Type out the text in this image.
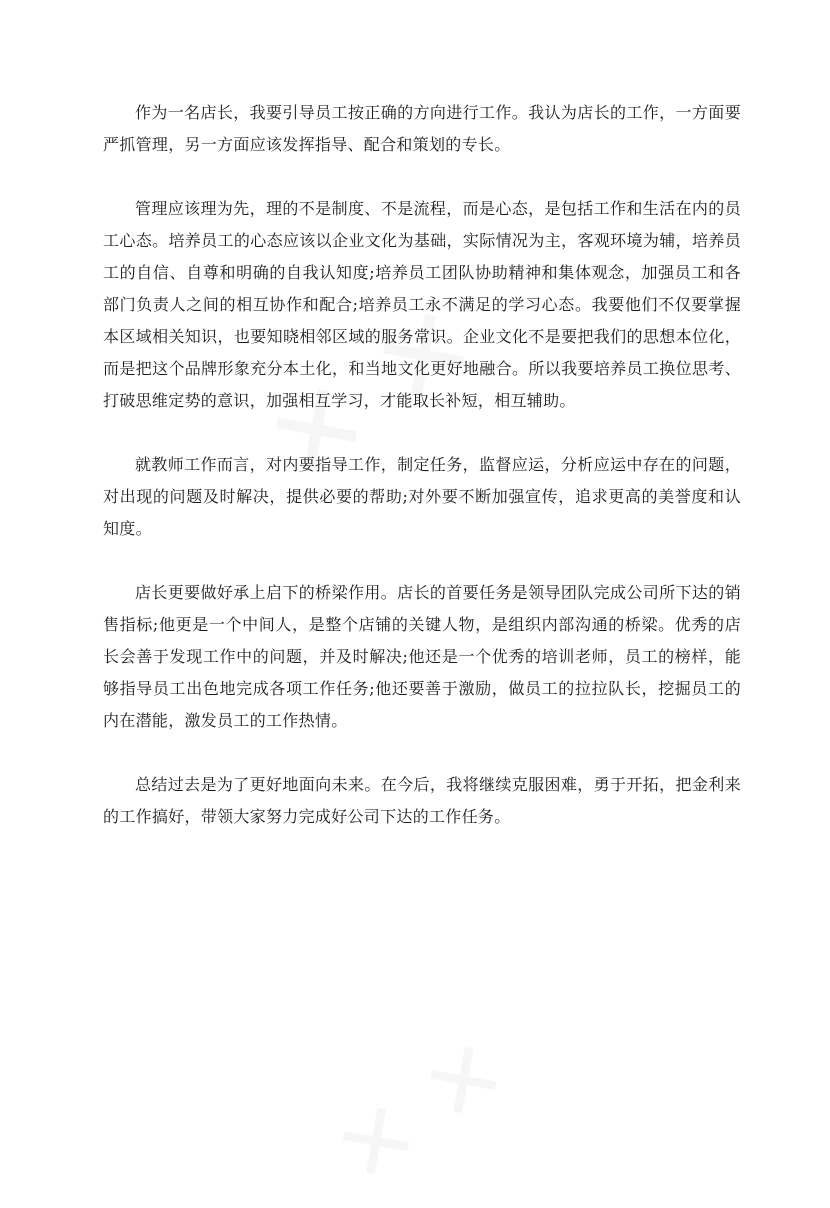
作为一名店长，我要引导员工按正确的方向进行工作。我认为店长的工作，一方面要严抓管理，另一方面应该发挥指导、配合和策划的专长。

管理应该理为先，理的不是制度、不是流程，而是心态，是包括工作和生活在内的员工心态。培养员工的心态应该以企业文化为基础，实际情况为主，客观环境为辅，培养员工的自信、自尊和明确的自我认知度;培养员工团队协助精神和集体观念，加强员工和各部门负责人之间的相互协作和配合;培养员工永不满足的学习心态。我要他们不仅要掌握本区域相关知识，也要知晓相邻区域的服务常识。企业文化不是要把我们的思想本位化，而是把这个品牌形象充分本土化，和当地文化更好地融合。所以我要培养员工换位思考、打破思维定势的意识，加强相互学习，才能取长补短，相互辅助。

就教师工作而言，对内要指导工作，制定任务，监督应运，分析应运中存在的问题，对出现的问题及时解决，提供必要的帮助;对外要不断加强宣传，追求更高的美誉度和认知度。

店长更要做好承上启下的桥梁作用。店长的首要任务是领导团队完成公司所下达的销售指标;他更是一个中间人，是整个店铺的关键人物，是组织内部沟通的桥梁。优秀的店长会善于发现工作中的问题，并及时解决;他还是一个优秀的培训老师，员工的榜样，能够指导员工出色地完成各项工作任务;他还要善于激励，做员工的拉拉队长，挖掘员工的内在潜能，激发员工的工作热情。

总结过去是为了更好地面向未来。在今后，我将继续克服困难，勇于开拓，把金利来的工作搞好，带领大家努力完成好公司下达的工作任务。
